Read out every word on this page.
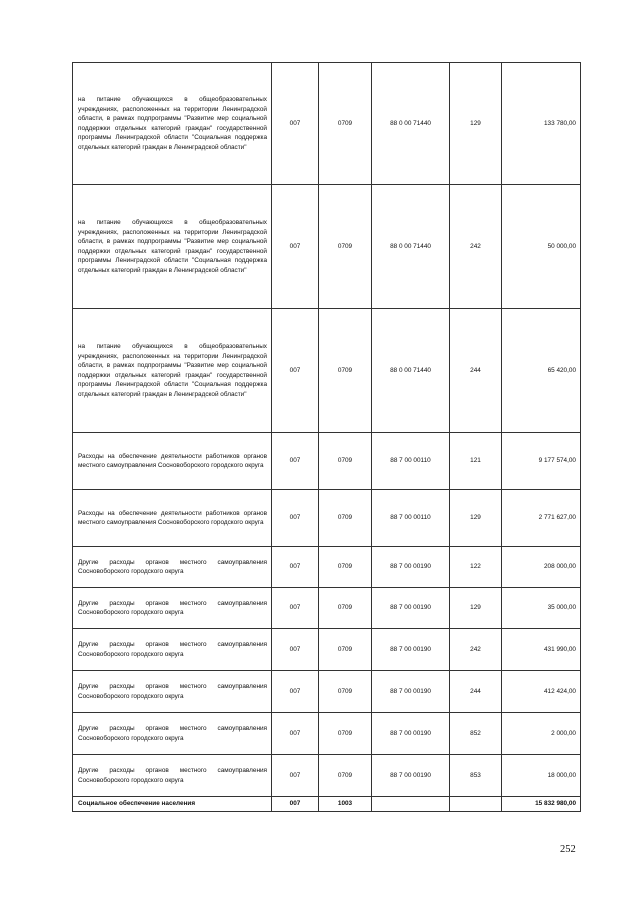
на питание обучающихся в общеобразовательных учреждениях, расположенных на территории Ленинградской области, в рамках подпрограммы "Развитие мер социальной поддержки отдельных категорий граждан" государственной программы Ленинградской области "Социальная поддержка отдельных категорий граждан в Ленинградской области"	007	0709	88 0 00 71440	129	133 780,00
на питание обучающихся в общеобразовательных учреждениях, расположенных на территории Ленинградской области, в рамках подпрограммы "Развитие мер социальной поддержки отдельных категорий граждан" государственной программы Ленинградской области "Социальная поддержка отдельных категорий граждан в Ленинградской области"	007	0709	88 0 00 71440	242	50 000,00
на питание обучающихся в общеобразовательных учреждениях, расположенных на территории Ленинградской области, в рамках подпрограммы "Развитие мер социальной поддержки отдельных категорий граждан" государственной программы Ленинградской области "Социальная поддержка отдельных категорий граждан в Ленинградской области"	007	0709	88 0 00 71440	244	65 420,00
Расходы на обеспечение деятельности работников органов местного самоуправления Сосновоборского городского округа	007	0709	88 7 00 00110	121	9 177 574,00
Расходы на обеспечение деятельности работников органов местного самоуправления Сосновоборского городского округа	007	0709	88 7 00 00110	129	2 771 627,00
Другие расходы органов местного самоуправления Сосновоборского городского округа	007	0709	88 7 00 00190	122	208 000,00
Другие расходы органов местного самоуправления Сосновоборского городского округа	007	0709	88 7 00 00190	129	35 000,00
Другие расходы органов местного самоуправления Сосновоборского городского округа	007	0709	88 7 00 00190	242	431 990,00
Другие расходы органов местного самоуправления Сосновоборского городского округа	007	0709	88 7 00 00190	244	412 424,00
Другие расходы органов местного самоуправления Сосновоборского городского округа	007	0709	88 7 00 00190	852	2 000,00
Другие расходы органов местного самоуправления Сосновоборского городского округа	007	0709	88 7 00 00190	853	18 000,00
Социальное обеспечение населения	007	1003			15 832 980,00
252
